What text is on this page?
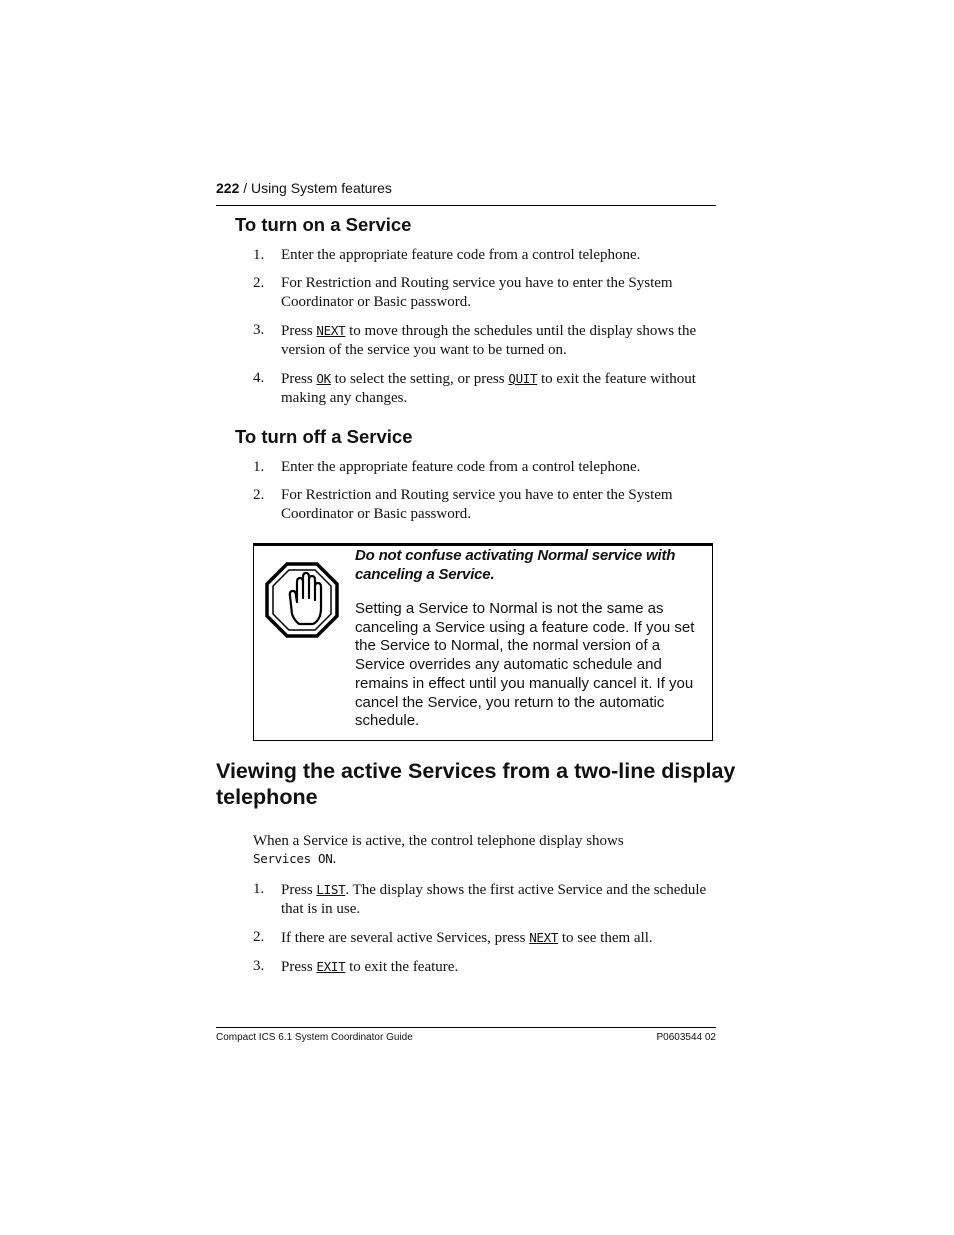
222 / Using System features
To turn on a Service
1. Enter the appropriate feature code from a control telephone.
2. For Restriction and Routing service you have to enter the System Coordinator or Basic password.
3. Press NEXT to move through the schedules until the display shows the version of the service you want to be turned on.
4. Press OK to select the setting, or press QUIT to exit the feature without making any changes.
To turn off a Service
1. Enter the appropriate feature code from a control telephone.
2. For Restriction and Routing service you have to enter the System Coordinator or Basic password.
Do not confuse activating Normal service with canceling a Service.
Setting a Service to Normal is not the same as canceling a Service using a feature code. If you set the Service to Normal, the normal version of a Service overrides any automatic schedule and remains in effect until you manually cancel it. If you cancel the Service, you return to the automatic schedule.
Viewing the active Services from a two-line display telephone
When a Service is active, the control telephone display shows
Services ON.
1. Press LIST. The display shows the first active Service and the schedule that is in use.
2. If there are several active Services, press NEXT to see them all.
3. Press EXIT to exit the feature.
Compact ICS 6.1 System Coordinator Guide	P0603544 02
